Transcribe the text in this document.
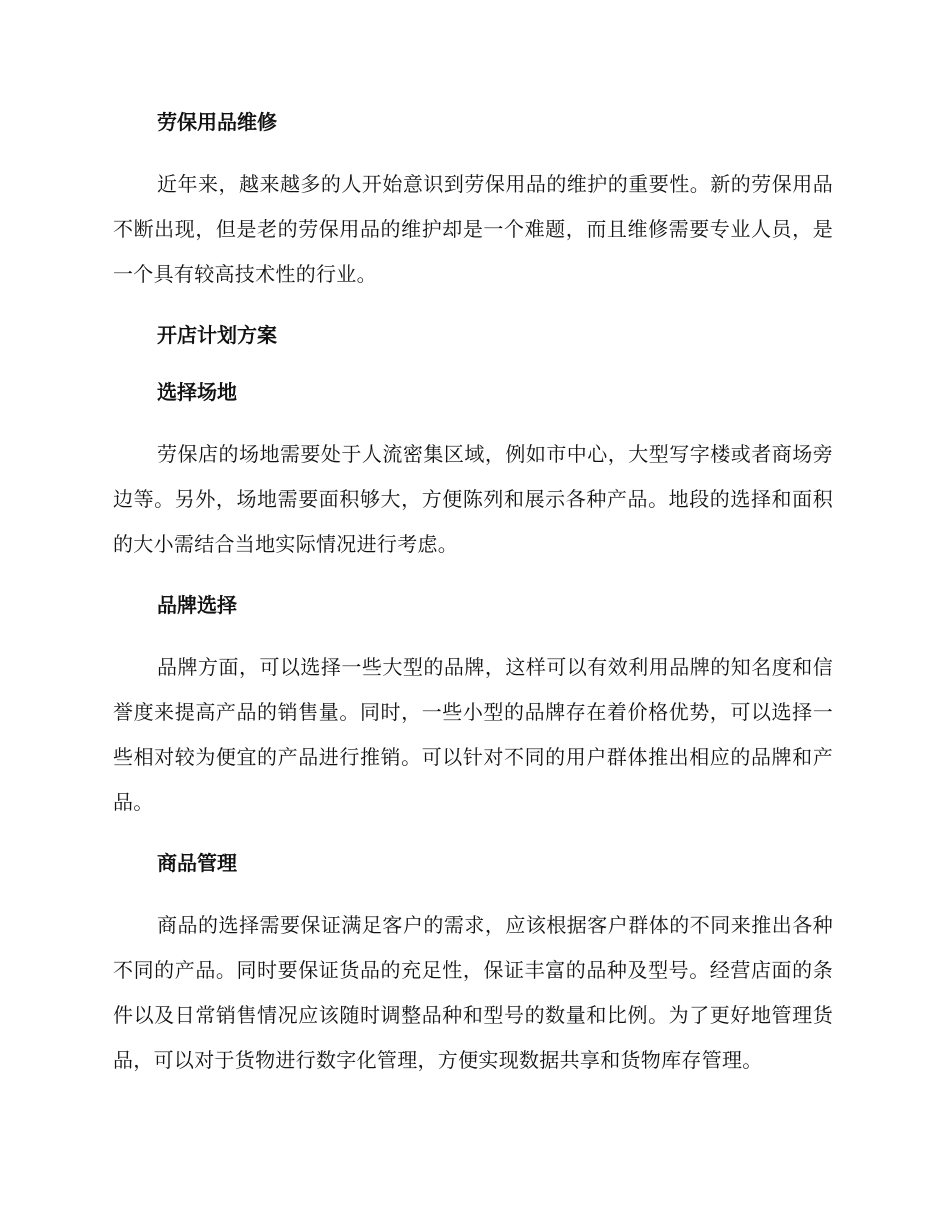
劳保用品维修

近年来，越来越多的人开始意识到劳保用品的维护的重要性。新的劳保用品不断出现，但是老的劳保用品的维护却是一个难题，而且维修需要专业人员，是一个具有较高技术性的行业。

开店计划方案
选择场地

劳保店的场地需要处于人流密集区域，例如市中心，大型写字楼或者商场旁边等。另外，场地需要面积够大，方便陈列和展示各种产品。地段的选择和面积的大小需结合当地实际情况进行考虑。

品牌选择

品牌方面，可以选择一些大型的品牌，这样可以有效利用品牌的知名度和信誉度来提高产品的销售量。同时，一些小型的品牌存在着价格优势，可以选择一些相对较为便宜的产品进行推销。可以针对不同的用户群体推出相应的品牌和产品。

商品管理

商品的选择需要保证满足客户的需求，应该根据客户群体的不同来推出各种不同的产品。同时要保证货品的充足性，保证丰富的品种及型号。经营店面的条件以及日常销售情况应该随时调整品种和型号的数量和比例。为了更好地管理货品，可以对于货物进行数字化管理，方便实现数据共享和货物库存管理。
